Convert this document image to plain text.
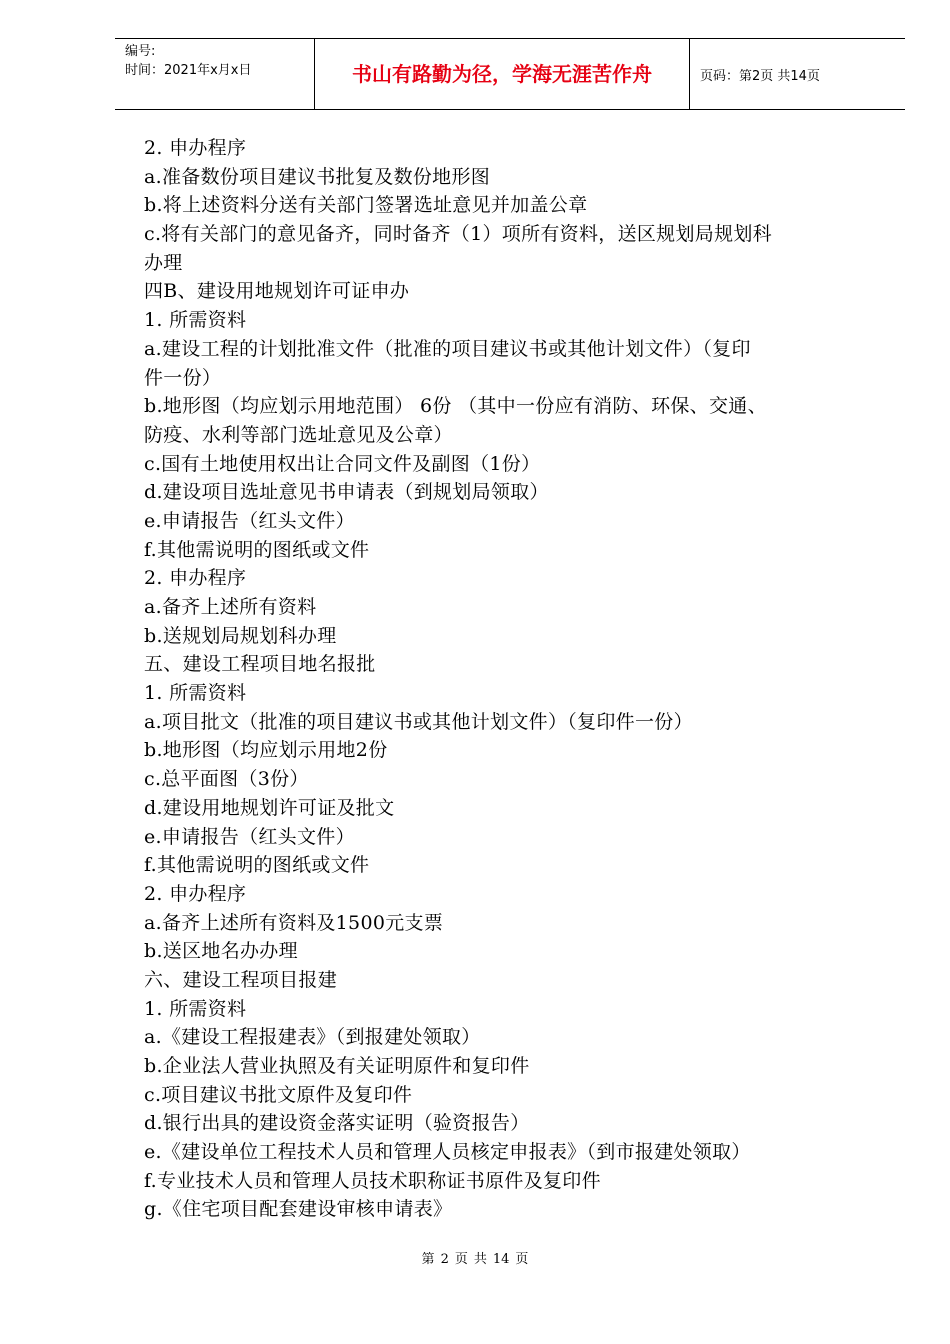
编号:
时间：2021年x月x日	书山有路勤为径，学海无涯苦作舟	页码：第2页 共14页
2. 申办程序
a.准备数份项目建议书批复及数份地形图
b.将上述资料分送有关部门签署选址意见并加盖公章
c.将有关部门的意见备齐，同时备齐（1）项所有资料，送区规划局规划科
办理
四B、建设用地规划许可证申办
1. 所需资料
a.建设工程的计划批准文件（批准的项目建议书或其他计划文件）（复印
件一份）
b.地形图（均应划示用地范围） 6份 （其中一份应有消防、环保、交通、
防疫、水利等部门选址意见及公章）
c.国有土地使用权出让合同文件及副图（1份）
d.建设项目选址意见书申请表（到规划局领取）
e.申请报告（红头文件）
f.其他需说明的图纸或文件
2. 申办程序
a.备齐上述所有资料
b.送规划局规划科办理
五、建设工程项目地名报批
1. 所需资料
a.项目批文（批准的项目建议书或其他计划文件）（复印件一份）
b.地形图（均应划示用地2份
c.总平面图（3份）
d.建设用地规划许可证及批文
e.申请报告（红头文件）
f.其他需说明的图纸或文件
2. 申办程序
a.备齐上述所有资料及1500元支票
b.送区地名办办理
六、建设工程项目报建
1. 所需资料
a.《建设工程报建表》（到报建处领取）
b.企业法人营业执照及有关证明原件和复印件
c.项目建议书批文原件及复印件
d.银行出具的建设资金落实证明（验资报告）
e.《建设单位工程技术人员和管理人员核定申报表》（到市报建处领取）
f.专业技术人员和管理人员技术职称证书原件及复印件
g.《住宅项目配套建设审核申请表》
第 2 页 共 14 页
